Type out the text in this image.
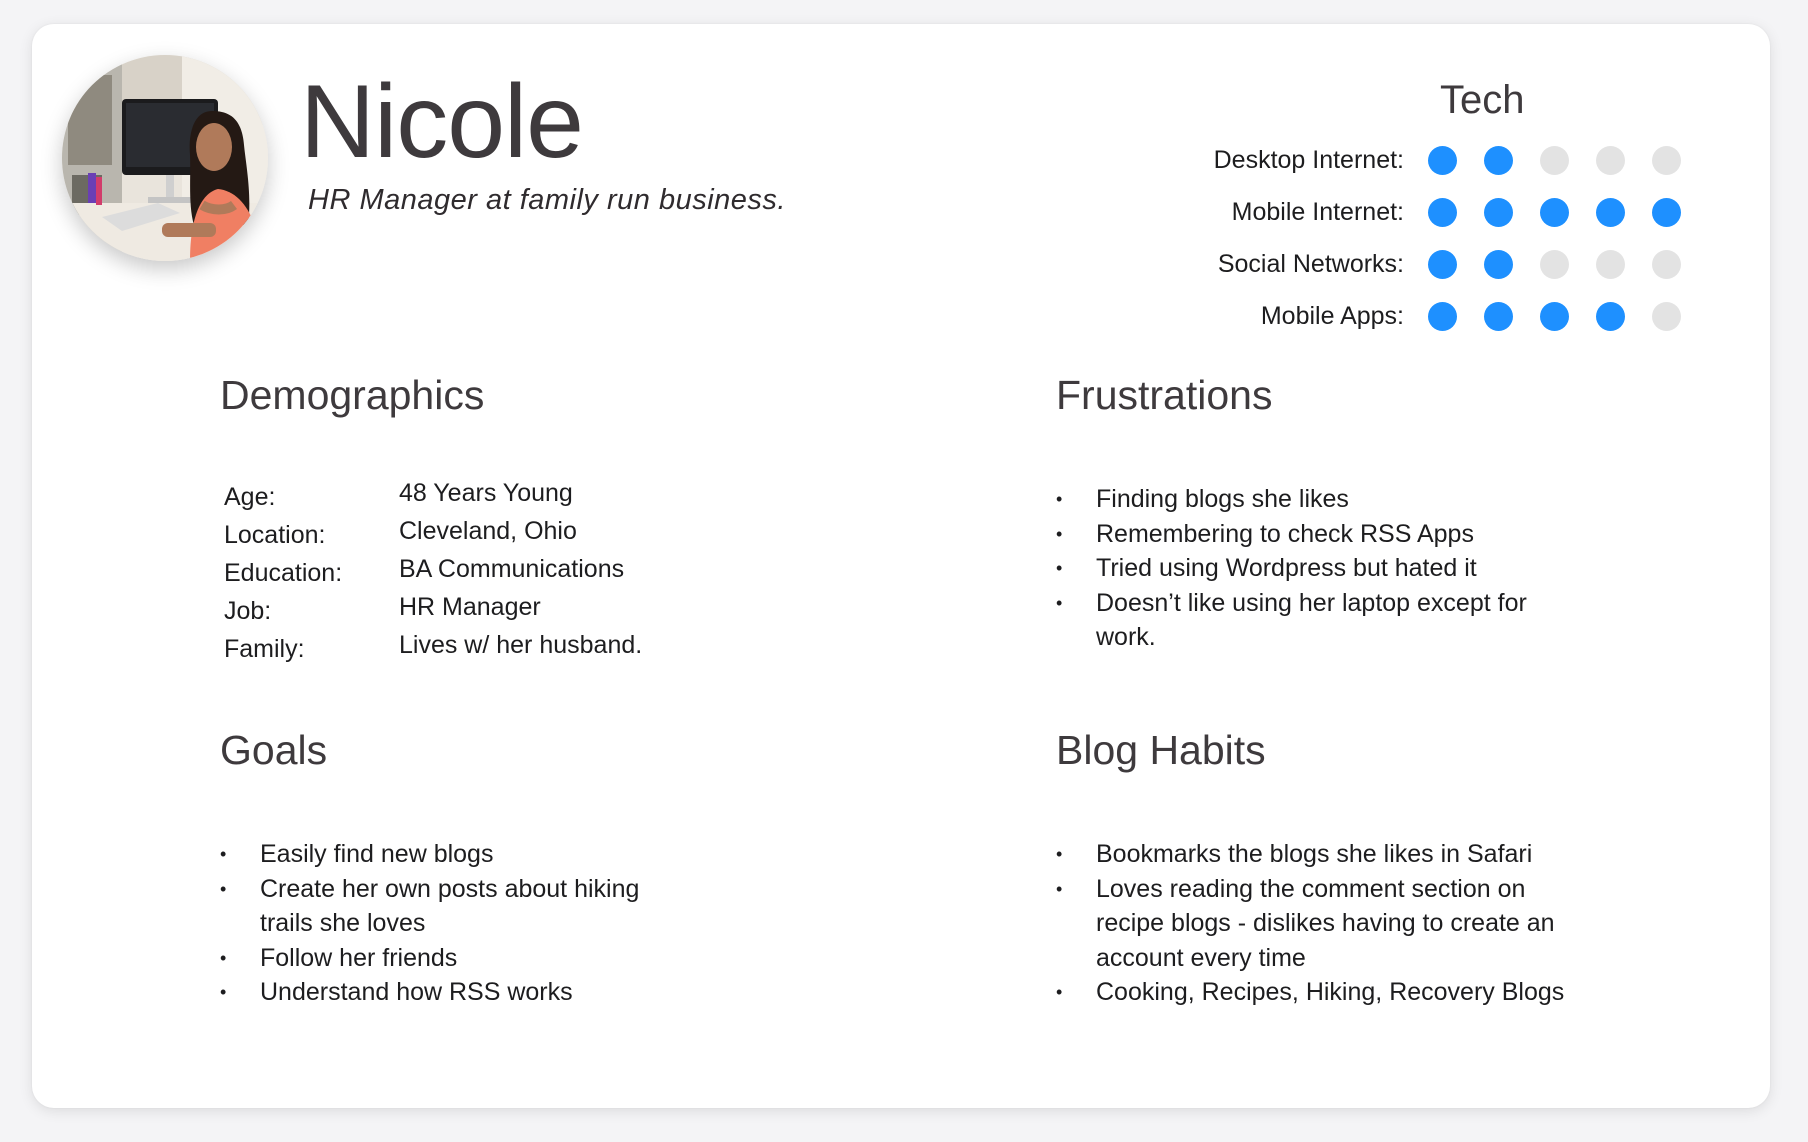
Nicole
HR Manager at family run business.
Tech
Desktop Internet:
Mobile Internet:
Social Networks:
Mobile Apps:
Demographics
Age:	48 Years Young
Location:	Cleveland, Ohio
Education:	BA Communications
Job:	HR Manager
Family:	Lives w/ her husband.
Frustrations
• Finding blogs she likes
• Remembering to check RSS Apps
• Tried using Wordpress but hated it
• Doesn’t like using her laptop except for work.
Goals
• Easily find new blogs
• Create her own posts about hiking trails she loves
• Follow her friends
• Understand how RSS works
Blog Habits
• Bookmarks the blogs she likes in Safari
• Loves reading the comment section on recipe blogs - dislikes having to create an account every time
• Cooking, Recipes, Hiking, Recovery Blogs
